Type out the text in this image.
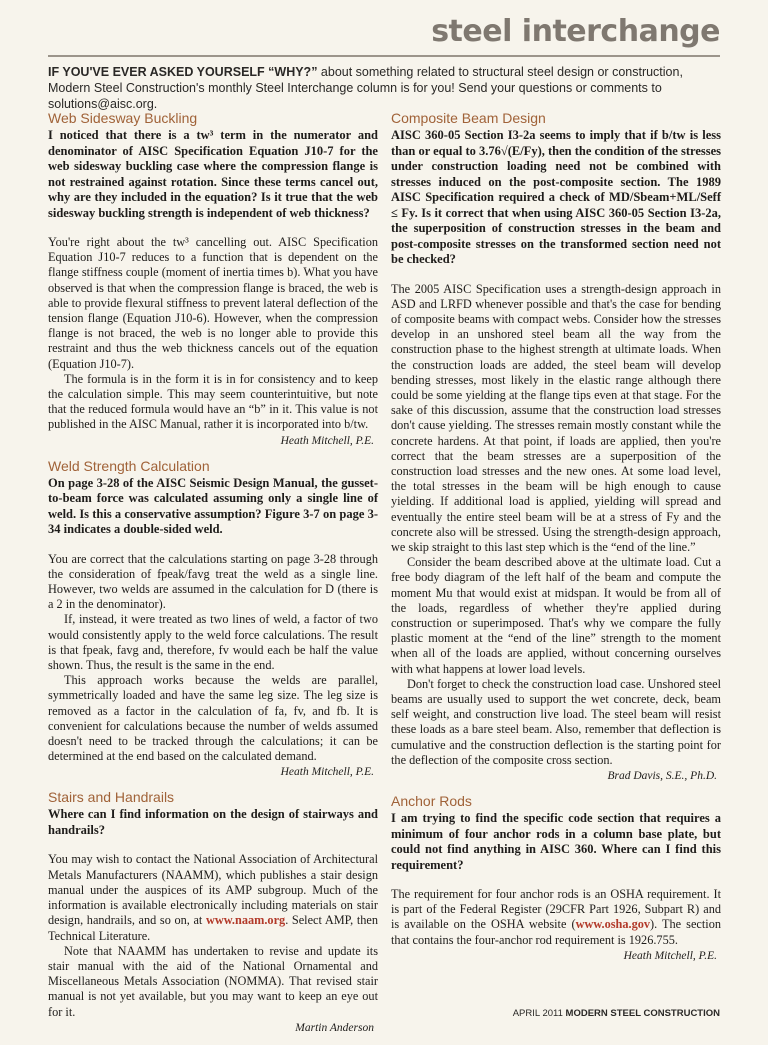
steel interchange
IF YOU'VE EVER ASKED YOURSELF “WHY?” about something related to structural steel design or construction, Modern Steel Construction's monthly Steel Interchange column is for you! Send your questions or comments to solutions@aisc.org.
Web Sidesway Buckling

I noticed that there is a tw³ term in the numerator and denominator of AISC Specification Equation J10-7 for the web sidesway buckling case where the compression flange is not restrained against rotation. Since these terms cancel out, why are they included in the equation? Is it true that the web sidesway buckling strength is independent of web thickness?

You're right about the tw³ cancelling out. AISC Specification Equation J10-7 reduces to a function that is dependent on the flange stiffness couple (moment of inertia times b). What you have observed is that when the compression flange is braced, the web is able to provide flexural stiffness to prevent lateral deflection of the tension flange (Equation J10-6). However, when the compression flange is not braced, the web is no longer able to provide this restraint and thus the web thickness cancels out of the equation (Equation J10-7).

The formula is in the form it is in for consistency and to keep the calculation simple. This may seem counterintuitive, but note that the reduced formula would have an “b” in it. This value is not published in the AISC Manual, rather it is incorporated into b/tw.

Heath Mitchell, P.E.

Weld Strength Calculation

On page 3-28 of the AISC Seismic Design Manual, the gusset-to-beam force was calculated assuming only a single line of weld. Is this a conservative assumption? Figure 3-7 on page 3-34 indicates a double-sided weld.

You are correct that the calculations starting on page 3-28 through the consideration of fpeak/favg treat the weld as a single line. However, two welds are assumed in the calculation for D (there is a 2 in the denominator).

If, instead, it were treated as two lines of weld, a factor of two would consistently apply to the weld force calculations. The result is that fpeak, favg and, therefore, fv would each be half the value shown. Thus, the result is the same in the end.

This approach works because the welds are parallel, symmetrically loaded and have the same leg size. The leg size is removed as a factor in the calculation of fa, fv, and fb. It is convenient for calculations because the number of welds assumed doesn't need to be tracked through the calculations; it can be determined at the end based on the calculated demand.

Heath Mitchell, P.E.

Stairs and Handrails

Where can I find information on the design of stairways and handrails?

You may wish to contact the National Association of Architectural Metals Manufacturers (NAAMM), which publishes a stair design manual under the auspices of its AMP subgroup. Much of the information is available electronically including materials on stair design, handrails, and so on, at www.naam.org. Select AMP, then Technical Literature.

Note that NAAMM has undertaken to revise and update its stair manual with the aid of the National Ornamental and Miscellaneous Metals Association (NOMMA). That revised stair manual is not yet available, but you may want to keep an eye out for it.

Martin Anderson

Composite Beam Design

AISC 360-05 Section I3-2a seems to imply that if b/tw is less than or equal to 3.76√(E/Fy), then the condition of the stresses under construction loading need not be combined with stresses induced on the post-composite section. The 1989 AISC Specification required a check of MD/Sbeam+ML/Seff ≤ Fy. Is it correct that when using AISC 360-05 Section I3-2a, the superposition of construction stresses in the beam and post-composite stresses on the transformed section need not be checked?

The 2005 AISC Specification uses a strength-design approach in ASD and LRFD whenever possible and that's the case for bending of composite beams with compact webs. Consider how the stresses develop in an unshored steel beam all the way from the construction phase to the highest strength at ultimate loads. When the construction loads are added, the steel beam will develop bending stresses, most likely in the elastic range although there could be some yielding at the flange tips even at that stage. For the sake of this discussion, assume that the construction load stresses don't cause yielding. The stresses remain mostly constant while the concrete hardens. At that point, if loads are applied, then you're correct that the beam stresses are a superposition of the construction load stresses and the new ones. At some load level, the total stresses in the beam will be high enough to cause yielding. If additional load is applied, yielding will spread and eventually the entire steel beam will be at a stress of Fy and the concrete also will be stressed. Using the strength-design approach, we skip straight to this last step which is the “end of the line.”

Consider the beam described above at the ultimate load. Cut a free body diagram of the left half of the beam and compute the moment Mu that would exist at midspan. It would be from all of the loads, regardless of whether they're applied during construction or superimposed. That's why we compare the fully plastic moment at the “end of the line” strength to the moment when all of the loads are applied, without concerning ourselves with what happens at lower load levels.

Don't forget to check the construction load case. Unshored steel beams are usually used to support the wet concrete, deck, beam self weight, and construction live load. The steel beam will resist these loads as a bare steel beam. Also, remember that deflection is cumulative and the construction deflection is the starting point for the deflection of the composite cross section.

Brad Davis, S.E., Ph.D.

Anchor Rods

I am trying to find the specific code section that requires a minimum of four anchor rods in a column base plate, but could not find anything in AISC 360. Where can I find this requirement?

The requirement for four anchor rods is an OSHA requirement. It is part of the Federal Register (29CFR Part 1926, Subpart R) and is available on the OSHA website (www.osha.gov). The section that contains the four-anchor rod requirement is 1926.755.

Heath Mitchell, P.E.

APRIL 2011 MODERN STEEL CONSTRUCTION
